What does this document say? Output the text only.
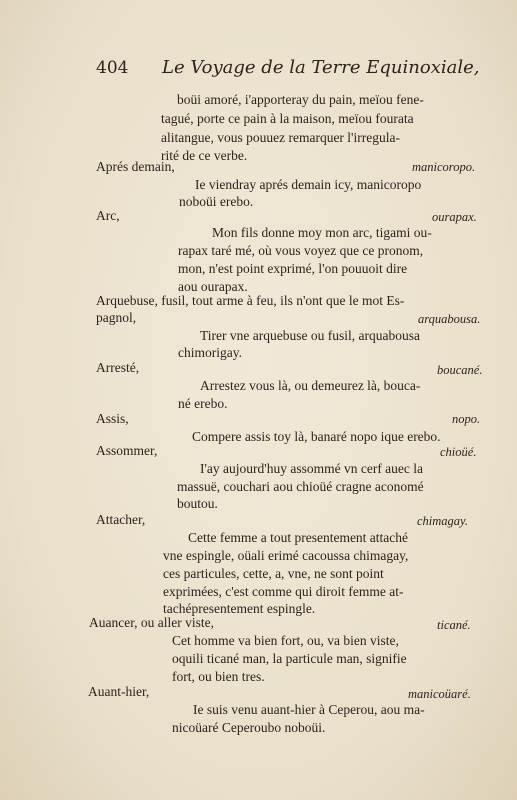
404 Le Voyage de la Terre Equinoxiale,
boüi amoré, i'apporteray du pain, meïou fene-
tagué, porte ce pain à la maison, meïou fourata
alitangue, vous pouuez remarquer l'irregula-
rité de ce verbe.
Aprés demain,	manicoropo.
Ie viendray aprés demain icy, manicoropo
noboüi erebo.
Arc,	ourapax.
Mon fils donne moy mon arc, tigami ou-
rapax taré mé, où vous voyez que ce pronom,
mon, n'est point exprimé, l'on pouuoit dire
aou ourapax.
Arquebuse, fusil, tout arme à feu, ils n'ont que le mot Es-
pagnol,	arquabousa.
Tirer vne arquebuse ou fusil, arquabousa
chimorigay.
Arresté,	boucané.
Arrestez vous là, ou demeurez là, bouca-
né erebo.
Assis,	nopo.
Compere assis toy là, banaré nopo ique erebo.
Assommer,	chioüé.
I'ay aujourd'huy assommé vn cerf auec la
massuë, couchari aou chioüé cragne aconomé
boutou.
Attacher,	chimagay.
Cette femme a tout presentement attaché
vne espingle, oüali erimé cacoussa chimagay,
ces particules, cette, a, vne, ne sont point
exprimées, c'est comme qui diroit femme at-
tachépresentement espingle.
Auancer, ou aller viste,	ticané.
Cet homme va bien fort, ou, va bien viste,
oquili ticané man, la particule man, signifie
fort, ou bien tres.
Auant-hier,	manicoüaré.
Ie suis venu auant-hier à Ceperou, aou ma-
nicoüaré Ceperoubo noboüi.
